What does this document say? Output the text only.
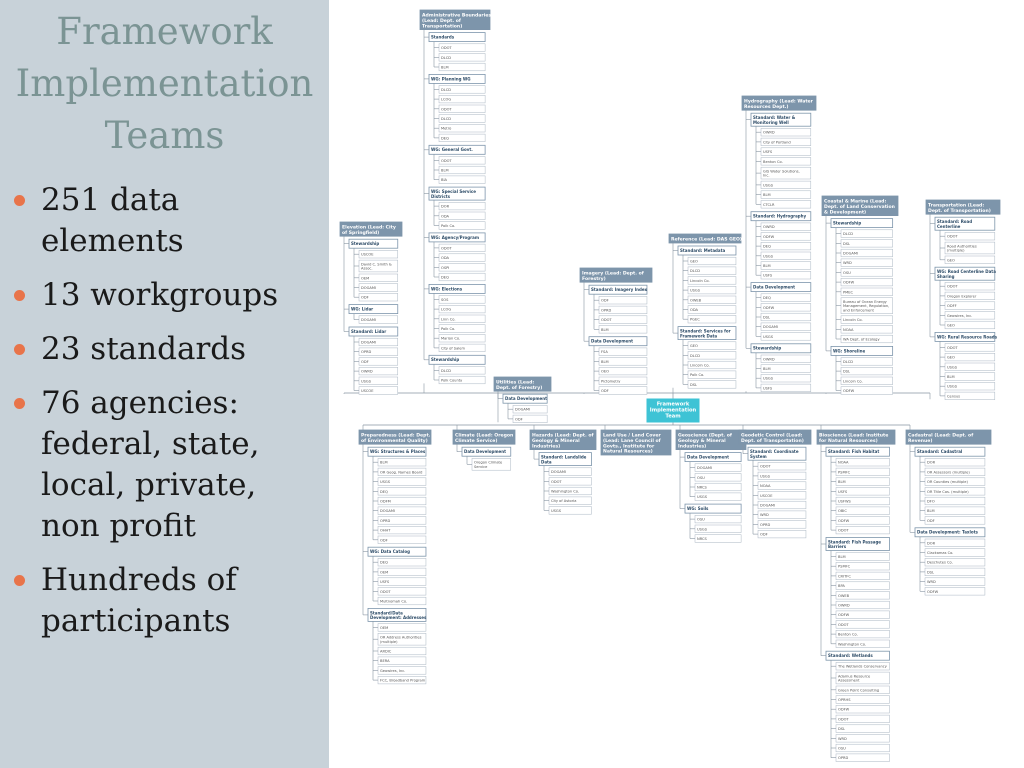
Framework Implementation Teams
251 data elements
13 workgroups
23 standards
76 agencies: federal, state, local, private, non profit
Hundreds of participants
Elevation (Lead: City
of Springfield)
Stewardship
USCOE
David C. Smith &
Assoc.
OEM
DOGAMI
ODF
WG: Lidar
DOGAMI
Standard: Lidar
DOGAMI
OPRD
ODF
OWRD
USGS
USCOE
Administrative Boundaries
(Lead: Dept. of
Transportation)
Standards
ODOT
DLCD
BLM
WG: Planning WG
DLCD
LCOG
ODOT
DLCD
Metro
DEQ
WG: General Govt.
ODOT
BLM
BIA
WG: Special Service
Districts
DOR
ODA
Polk Co.
WG: Agency/Program
ODOT
ODA
OSPI
DEQ
WG: Elections
SOS
LCOG
Linn Co.
Polk Co.
Marion Co.
City of Salem
Stewardship
DLCD
Polk County	Utilities (Lead:
Dept. of Forestry)
Data Development
DOGAMI
ODF
Imagery (Lead: Dept. of
Forestry)
Standard: Imagery Index
ODF
OPRD
ODOT
BLM
Data Development
FSA
BLM
OEO
Pictometry
ODF
Reference (Lead: DAS GEO)
Standard: Metadata
GEO
DLCD
Lincoln Co.
USGS
OWEB
ODA
PGEC
Standard: Services for
Framework Data
GEO
DLCD
Lincoln Co.
Polk Co.
DSL
Hydrography (Lead: Water
Resources Dept.)
Standard: Water &
Monitoring Well
OWRD
City of Portland
USFS
Benton Co.
GIS Water Solutions,
Inc.
USGS
BLM
CTCLR
Standard: Hydrography
OWRD
ODFW
DEQ
USGS
BLM
USFS
Data Development
DEQ
ODFW
DSL
DOGAMI
USGS
Stewardship
OWRD
BLM
USGS
USFS
Coastal & Marine (Lead:
Dept. of Land Conservation
& Development)
Stewardship
DLCD
DSL
DOGAMI
WRD
OSU
ODFW
PMEC
Bureau of Ocean Energy
Management, Regulation,
and Enforcement
Lincoln Co.
NOAA
WA Dept. of Ecology
WG: Shoreline
DLCD
DSL
Lincoln Co.
ODFW
Transportation (Lead:
Dept. of Transportation)
Standard: Road
Centerline
ODOT
Road Authorities
(multiple)
GEO
WG: Road Centerline Data
Sharing
ODOT
Oregon Explorer
ODFF
Geowires, Inc.
GEO
WG: Rural Resource Roads
ODOT
GEO
USGS
BLM
USGS
Census
Preparedness (Lead: Dept.
of Environmental Quality)
WG: Structures & Places
BLM
OR Geog. Names Board
USGS
DEQ
ODFM
DOGAMI
OPRD
OHHT
ODF
WG: Data Catalog
DEQ
OEM
USFS
ODOT
Multnomah Co.
Standard/Data
Development: Addresses
OEM
OR Address Authorities
(multiple)
ARDIC
BERA
Geowires, Inc.
FCC, Broadband Program
Climate (Lead: Oregon
Climate Service)
Data Development
Oregon Climate
Service
Hazards (Lead: Dept. of
Geology & Mineral
Industries)
Standard: Landslide
Data
DOGAMI
ODOT
Washington Co.
City of Astoria
USGS
Land Use / Land Cover
(Lead: Lane Council of
Govts., Institute for
Natural Resources)
Geoscience (Dept. of
Geology & Mineral
Industries)
Data Development
DOGAMI
OSU
NRCS
USGS
WG: Soils
OSU
USGS
NRCS
Geodetic Control (Lead:
Dept. of Transportation)
Standard: Coordinate
System
ODOT
USGS
NOAA
USCOE
DOGAMI
WRD
OPRD
ODF
Bioscience (Lead: Institute
for Natural Resources)
Standard: Fish Habitat
NOAA
PSMFC
BLM
USFS
USFWS
OBIC
ODFW
ODOT
Standard: Fish Passage
Barriers
BLM
PSMFC
CRITFC
BPA
OWEB
OWRD
ODFW
ODOT
Benton Co.
Washington Co.
Standard: Wetlands
The Wetlands Conservancy
Adamus Resource
Assessment
Green Point Consulting
OPRHS
ODFW
ODOT
DSL
WRD
OSU
OPRD
Cadastral (Lead: Dept. of
Revenue)
Standard: Cadastral
DOR
OR Assessors (multiple)
OR Counties (multiple)
OR Title Cos. (multiple)
DFO
BLM
ODF
Data Development: Taxlots
DOR
Clackamas Co.
Deschutes Co.
DSL
WRD
ODFW
Framework
Implementation
Team
